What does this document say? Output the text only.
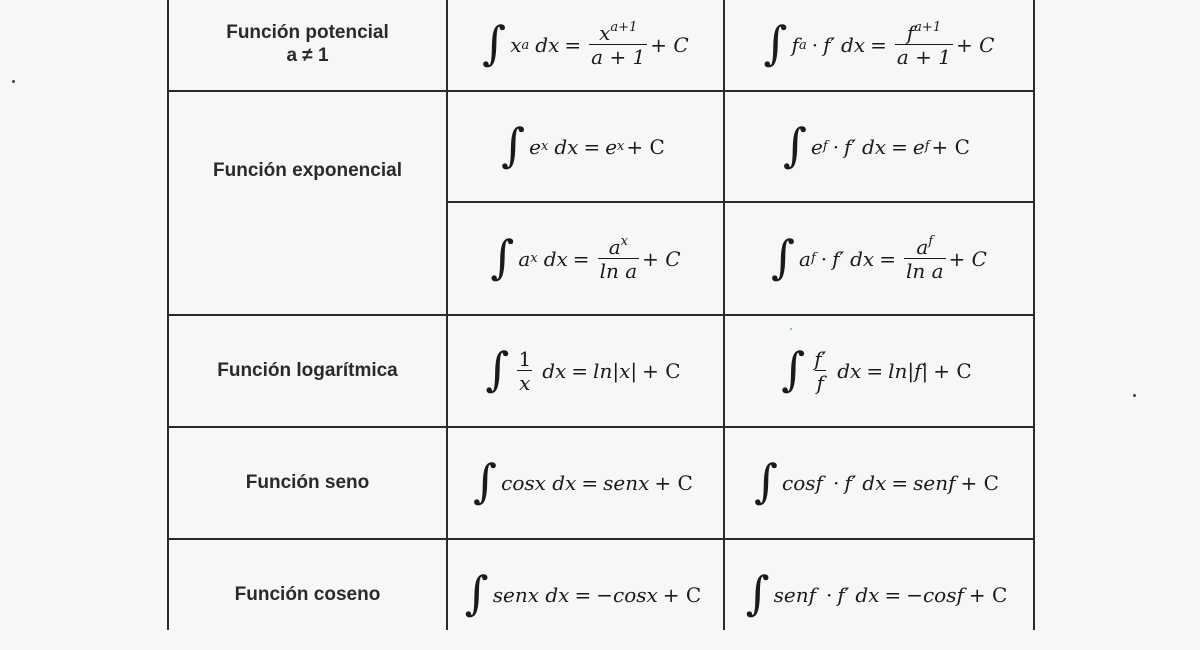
Función potencial
a ≠ 1	∫ x a dx = $\frac{x^{a+1}}{a + 1} + C$ ∫ f a · f′ dx = $\frac{f^{a+1}}{a + 1} + C$
Función exponencial ∫ e x dx = e x + C	∫ e f · f′ dx = e f + C
∫ a x dx = $\frac{a^x}{\text{ln a}} + C$ ∫ a f · f′ dx = $\frac{a^f}{\text{ln a}} + C$
Función logarítmica ∫ $\frac{1}{x}$ dx = ln|x| + C ∫ $\frac{f'}{f}$ dx = ln|f| + C
Función seno ∫ cosx dx = senx + C ∫ cosf · f′ dx = senf + C
Función coseno ∫ senx dx = −cosx + C ∫ senf · f′ dx = −cosf + C
